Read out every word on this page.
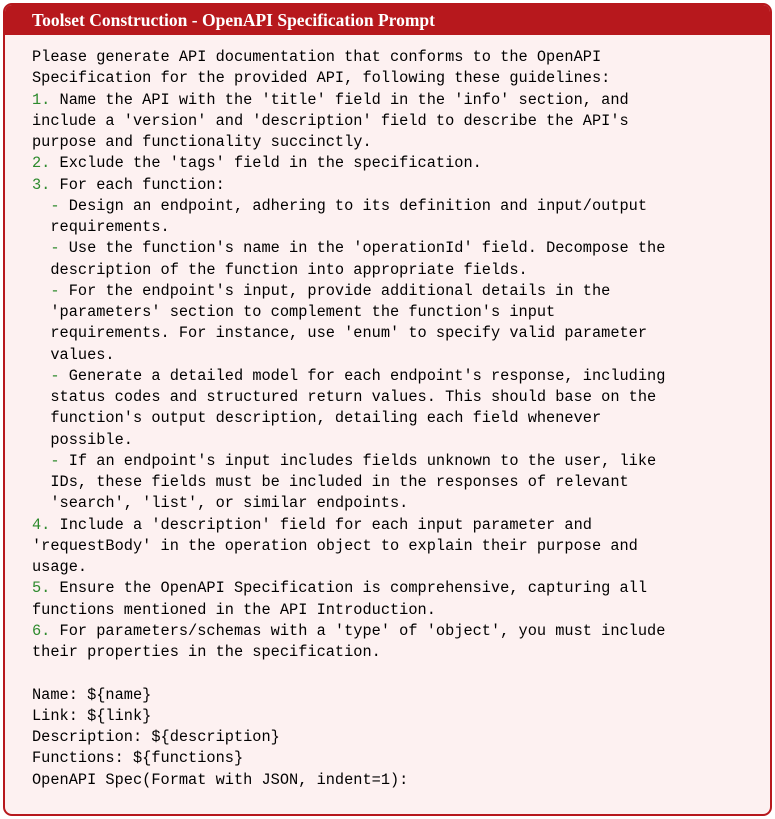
Toolset Construction - OpenAPI Specification Prompt
Please generate API documentation that conforms to the OpenAPI
Specification for the provided API, following these guidelines:
1. Name the API with the 'title' field in the 'info' section, and
include a 'version' and 'description' field to describe the API's
purpose and functionality succinctly.
2. Exclude the 'tags' field in the specification.
3. For each function:
- Design an endpoint, adhering to its definition and input/output
requirements.
- Use the function's name in the 'operationId' field. Decompose the
description of the function into appropriate fields.
- For the endpoint's input, provide additional details in the
'parameters' section to complement the function's input
requirements. For instance, use 'enum' to specify valid parameter
values.
- Generate a detailed model for each endpoint's response, including
status codes and structured return values. This should base on the
function's output description, detailing each field whenever
possible.
- If an endpoint's input includes fields unknown to the user, like
IDs, these fields must be included in the responses of relevant
'search', 'list', or similar endpoints.
4. Include a 'description' field for each input parameter and
'requestBody' in the operation object to explain their purpose and
usage.
5. Ensure the OpenAPI Specification is comprehensive, capturing all
functions mentioned in the API Introduction.
6. For parameters/schemas with a 'type' of 'object', you must include
their properties in the specification.
Name: ${name}
Link: ${link}
Description: ${description}
Functions: ${functions}
OpenAPI Spec(Format with JSON, indent=1):
